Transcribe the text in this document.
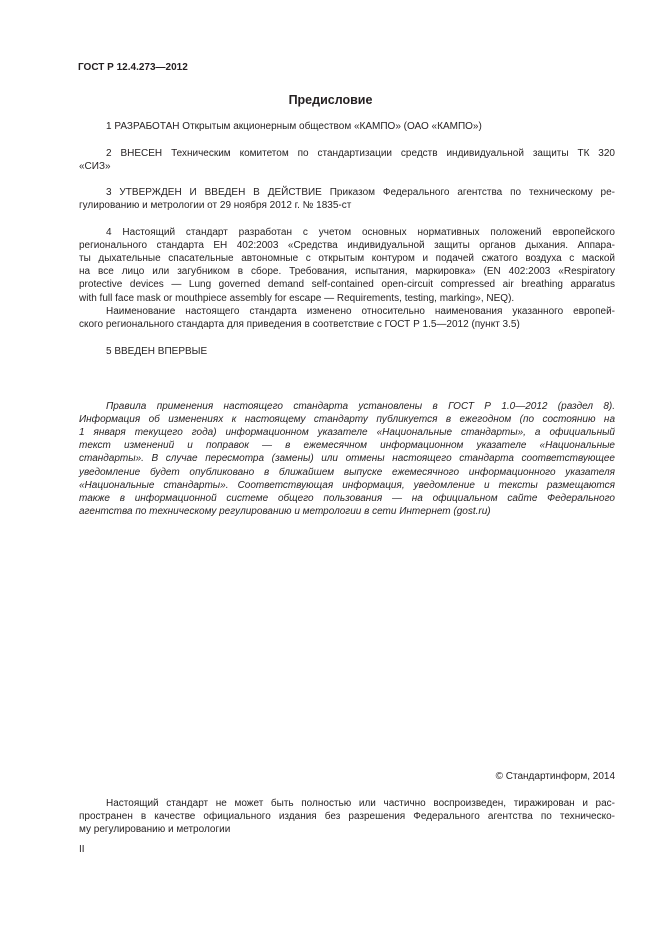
ГОСТ Р 12.4.273—2012
Предисловие
1 РАЗРАБОТАН Открытым акционерным обществом «КАМПО» (ОАО «КАМПО»)
2 ВНЕСЕН Техническим комитетом по стандартизации средств индивидуальной защиты ТК 320
«СИЗ»
3 УТВЕРЖДЕН И ВВЕДЕН В ДЕЙСТВИЕ Приказом Федерального агентства по техническому ре-
гулированию и метрологии от 29 ноября 2012 г. № 1835-ст
4 Настоящий стандарт разработан с учетом основных нормативных положений европейского
регионального стандарта ЕН 402:2003 «Средства индивидуальной защиты органов дыхания. Аппара-
ты дыхательные спасательные автономные с открытым контуром и подачей сжатого воздуха с маской
на все лицо или загубником в сборе. Требования, испытания, маркировка» (EN 402:2003 «Respiratory
protective devices — Lung governed demand self-contained open-circuit compressed air breathing apparatus
with full face mask or mouthpiece assembly for escape — Requirements, testing, marking», NEQ).
Наименование настоящего стандарта изменено относительно наименования указанного европей-
ского регионального стандарта для приведения в соответствие с ГОСТ Р 1.5—2012 (пункт 3.5)
5 ВВЕДЕН ВПЕРВЫЕ
Правила применения настоящего стандарта установлены в ГОСТ Р 1.0—2012 (раздел 8).
Информация об изменениях к настоящему стандарту публикуется в ежегодном (по состоянию на
1 января текущего года) информационном указателе «Национальные стандарты», а официальный
текст изменений и поправок — в ежемесячном информационном указателе «Национальные
стандарты». В случае пересмотра (замены) или отмены настоящего стандарта соответствующее
уведомление будет опубликовано в ближайшем выпуске ежемесячного информационного указателя
«Национальные стандарты». Соответствующая информация, уведомление и тексты размещаются
также в информационной системе общего пользования — на официальном сайте Федерального
агентства по техническому регулированию и метрологии в сети Интернет (gost.ru)
© Стандартинформ, 2014
Настоящий стандарт не может быть полностью или частично воспроизведен, тиражирован и рас-
пространен в качестве официального издания без разрешения Федерального агентства по техническо-
му регулированию и метрологии
II
